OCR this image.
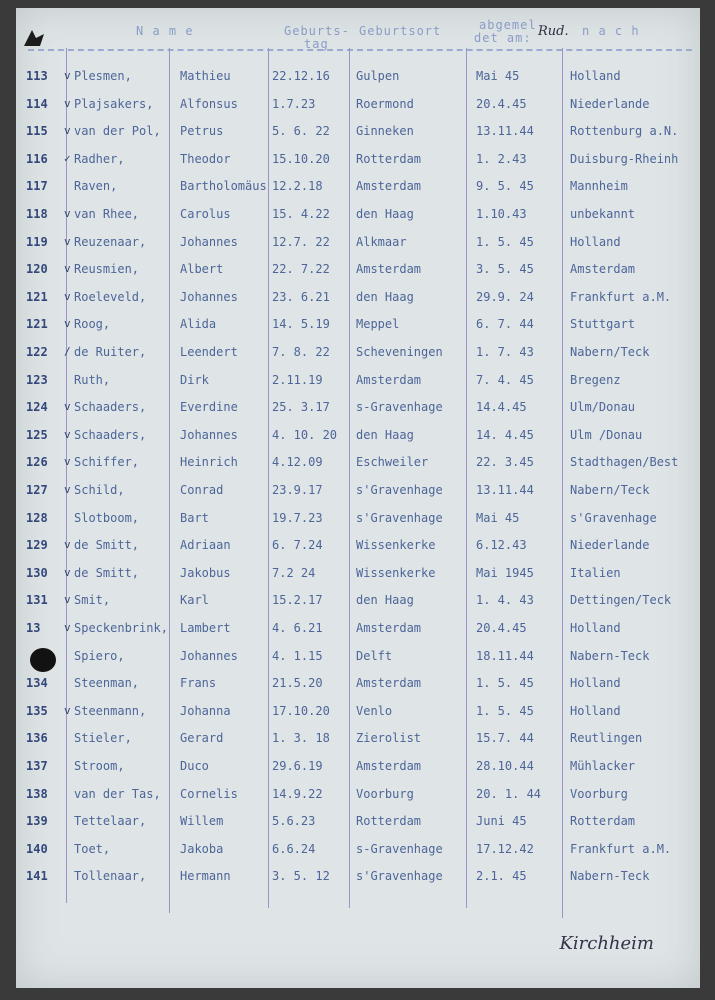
N a m e	Geburts-
tag
Geburtsort	abgemel-
det am:	n a c h
Rud.
113 v Plesmen,	Mathieu	22.12.16 Gulpen	Mai 45	Holland
114 v Plajsakers, Alfonsus	1.7.23	Roermond	20.4.45	Niederlande
115 v van der Pol, Petrus	5. 6. 22 Ginneken	13.11.44	Rottenburg a.N.
116 ✓ Radher,	Theodor	15.10.20 Rotterdam	1. 2.43	Duisburg-Rheinh
117 Raven,	Bartholomäus 12.2.18	Amsterdam	9. 5. 45	Mannheim
118 v van Rhee,	Carolus	15. 4.22 den Haag	1.10.43	unbekannt
119 v Reuzenaar,	Johannes	12.7. 22 Alkmaar	1. 5. 45	Holland
120 v Reusmien,	Albert	22. 7.22 Amsterdam	3. 5. 45	Amsterdam
121 v Roeleveld,	Johannes	23. 6.21 den Haag	29.9. 24	Frankfurt a.M.
121 v Roog,	Alida	14. 5.19 Meppel	6. 7. 44	Stuttgart
122 / de Ruiter,	Leendert	7. 8. 22 Scheveningen	1. 7. 43	Nabern/Teck
123 Ruth,	Dirk	2.11.19	Amsterdam	7. 4. 45	Bregenz
124 v Schaaders,	Everdine	25. 3.17 s-Gravenhage	14.4.45	Ulm/Donau
125 v Schaaders,	Johannes	4. 10. 20 den Haag	14. 4.45	Ulm /Donau
126 v Schiffer,	Heinrich	4.12.09	Eschweiler	22. 3.45	Stadthagen/Best
127 v Schild,	Conrad	23.9.17	s'Gravenhage	13.11.44	Nabern/Teck
128 Slotboom,	Bart	19.7.23	s'Gravenhage	Mai 45	s'Gravenhage
129 v de Smitt,	Adriaan	6. 7.24	Wissenkerke	6.12.43	Niederlande
130 v de Smitt,	Jakobus	7.2 24	Wissenkerke	Mai 1945	Italien
131 v Smit,	Karl	15.2.17	den Haag	1. 4. 43	Dettingen/Teck
13 v Speckenbrink, Lambert	4. 6.21	Amsterdam	20.4.45	Holland
Spiero,	Johannes	4. 1.15	Delft	18.11.44	Nabern-Teck
134 Steenman,	Frans	21.5.20	Amsterdam	1. 5. 45	Holland
135 v Steenmann,	Johanna	17.10.20 Venlo	1. 5. 45	Holland
136 Stieler,	Gerard	1. 3. 18 Zierolist	15.7. 44	Reutlingen
137 Stroom,	Duco	29.6.19	Amsterdam	28.10.44	Mühlacker
138 van der Tas, Cornelis	14.9.22	Voorburg	20. 1. 44 Voorburg
139 Tettelaar,	Willem	5.6.23	Rotterdam	Juni 45	Rotterdam
140 Toet,	Jakoba	6.6.24	s-Gravenhage	17.12.42	Frankfurt a.M.
141 Tollenaar,	Hermann	3. 5. 12 s'Gravenhage	2.1. 45	Nabern-Teck
Kirchheim
